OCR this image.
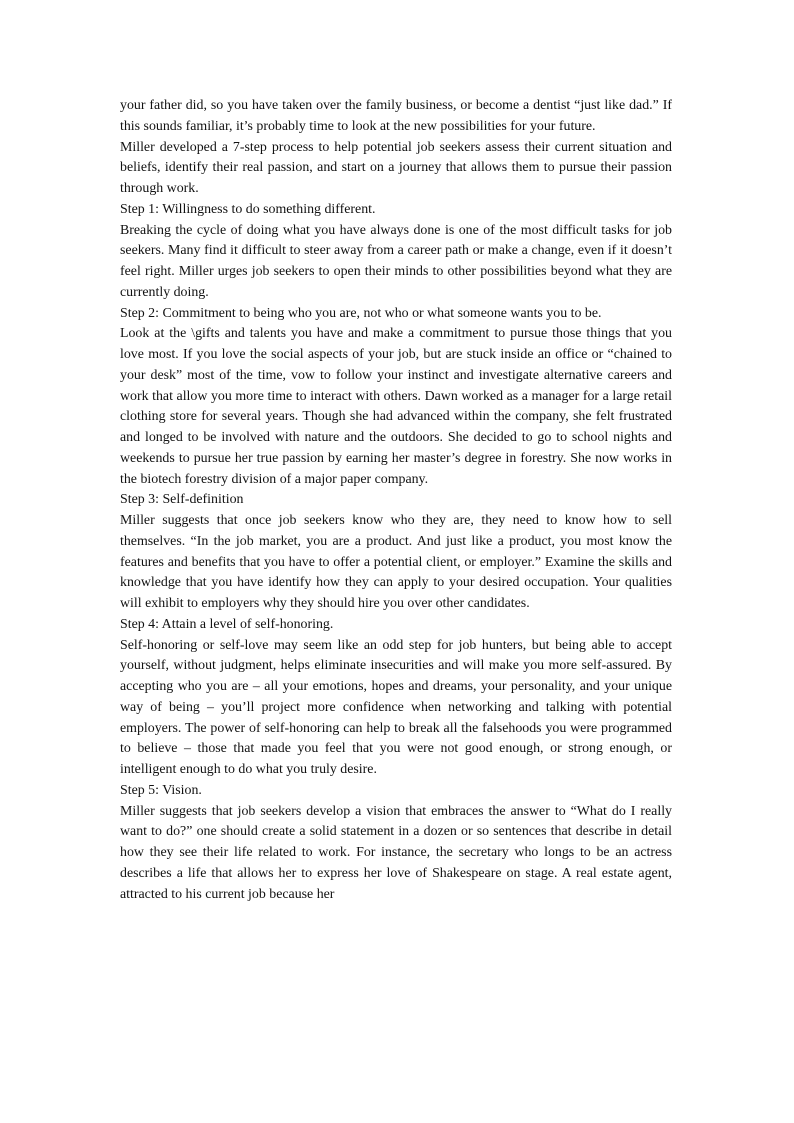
your father did, so you have taken over the family business, or become a dentist “just like dad.” If this sounds familiar, it’s probably time to look at the new possibilities for your future.

Miller developed a 7-step process to help potential job seekers assess their current situation and beliefs, identify their real passion, and start on a journey that allows them to pursue their passion through work.

Step 1: Willingness to do something different.

Breaking the cycle of doing what you have always done is one of the most difficult tasks for job seekers. Many find it difficult to steer away from a career path or make a change, even if it doesn’t feel right. Miller urges job seekers to open their minds to other possibilities beyond what they are currently doing.

Step 2: Commitment to being who you are, not who or what someone wants you to be.

Look at the \gifts and talents you have and make a commitment to pursue those things that you love most. If you love the social aspects of your job, but are stuck inside an office or “chained to your desk” most of the time, vow to follow your instinct and investigate alternative careers and work that allow you more time to interact with others. Dawn worked as a manager for a large retail clothing store for several years. Though she had advanced within the company, she felt frustrated and longed to be involved with nature and the outdoors. She decided to go to school nights and weekends to pursue her true passion by earning her master’s degree in forestry. She now works in the biotech forestry division of a major paper company.

Step 3: Self-definition

Miller suggests that once job seekers know who they are, they need to know how to sell themselves. “In the job market, you are a product. And just like a product, you most know the features and benefits that you have to offer a potential client, or employer.” Examine the skills and knowledge that you have identify how they can apply to your desired occupation. Your qualities will exhibit to employers why they should hire you over other candidates.

Step 4: Attain a level of self-honoring.

Self-honoring or self-love may seem like an odd step for job hunters, but being able to accept yourself, without judgment, helps eliminate insecurities and will make you more self-assured. By accepting who you are – all your emotions, hopes and dreams, your personality, and your unique way of being – you’ll project more confidence when networking and talking with potential employers. The power of self-honoring can help to break all the falsehoods you were programmed to believe – those that made you feel that you were not good enough, or strong enough, or intelligent enough to do what you truly desire.

Step 5: Vision.

Miller suggests that job seekers develop a vision that embraces the answer to “What do I really want to do?” one should create a solid statement in a dozen or so sentences that describe in detail how they see their life related to work. For instance, the secretary who longs to be an actress describes a life that allows her to express her love of Shakespeare on stage. A real estate agent, attracted to his current job because her
